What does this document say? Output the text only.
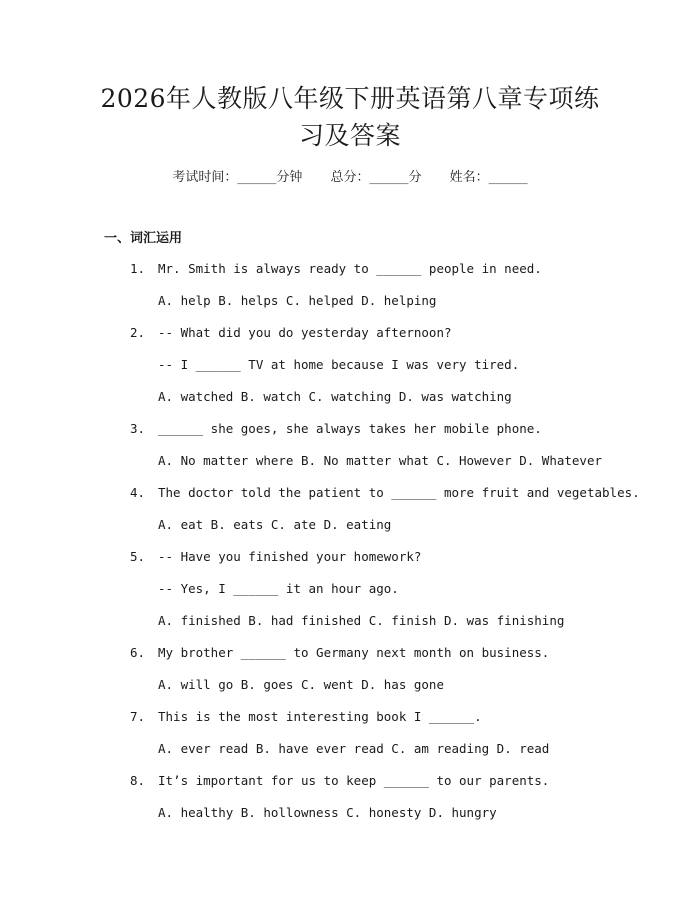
2026年人教版八年级下册英语第八章专项练
习及答案
考试时间：______分钟 总分：______分 姓名：______
一、词汇运用

1.

Mr. Smith is always ready to ______ people in need.

A. help B. helps C. helped D. helping

2.

-- What did you do yesterday afternoon?

-- I ______ TV at home because I was very tired.

A. watched B. watch C. watching D. was watching

3.

______ she goes, she always takes her mobile phone.

A. No matter where B. No matter what C. However D. Whatever

4.

The doctor told the patient to ______ more fruit and vegetables.

A. eat B. eats C. ate D. eating

5.

-- Have you finished your homework?

-- Yes, I ______ it an hour ago.

A. finished B. had finished C. finish D. was finishing

6.

My brother ______ to Germany next month on business.

A. will go B. goes C. went D. has gone

7.

This is the most interesting book I ______.

A. ever read B. have ever read C. am reading D. read

8.

It’s important for us to keep ______ to our parents.

A. healthy B. hollowness C. honesty D. hungry
